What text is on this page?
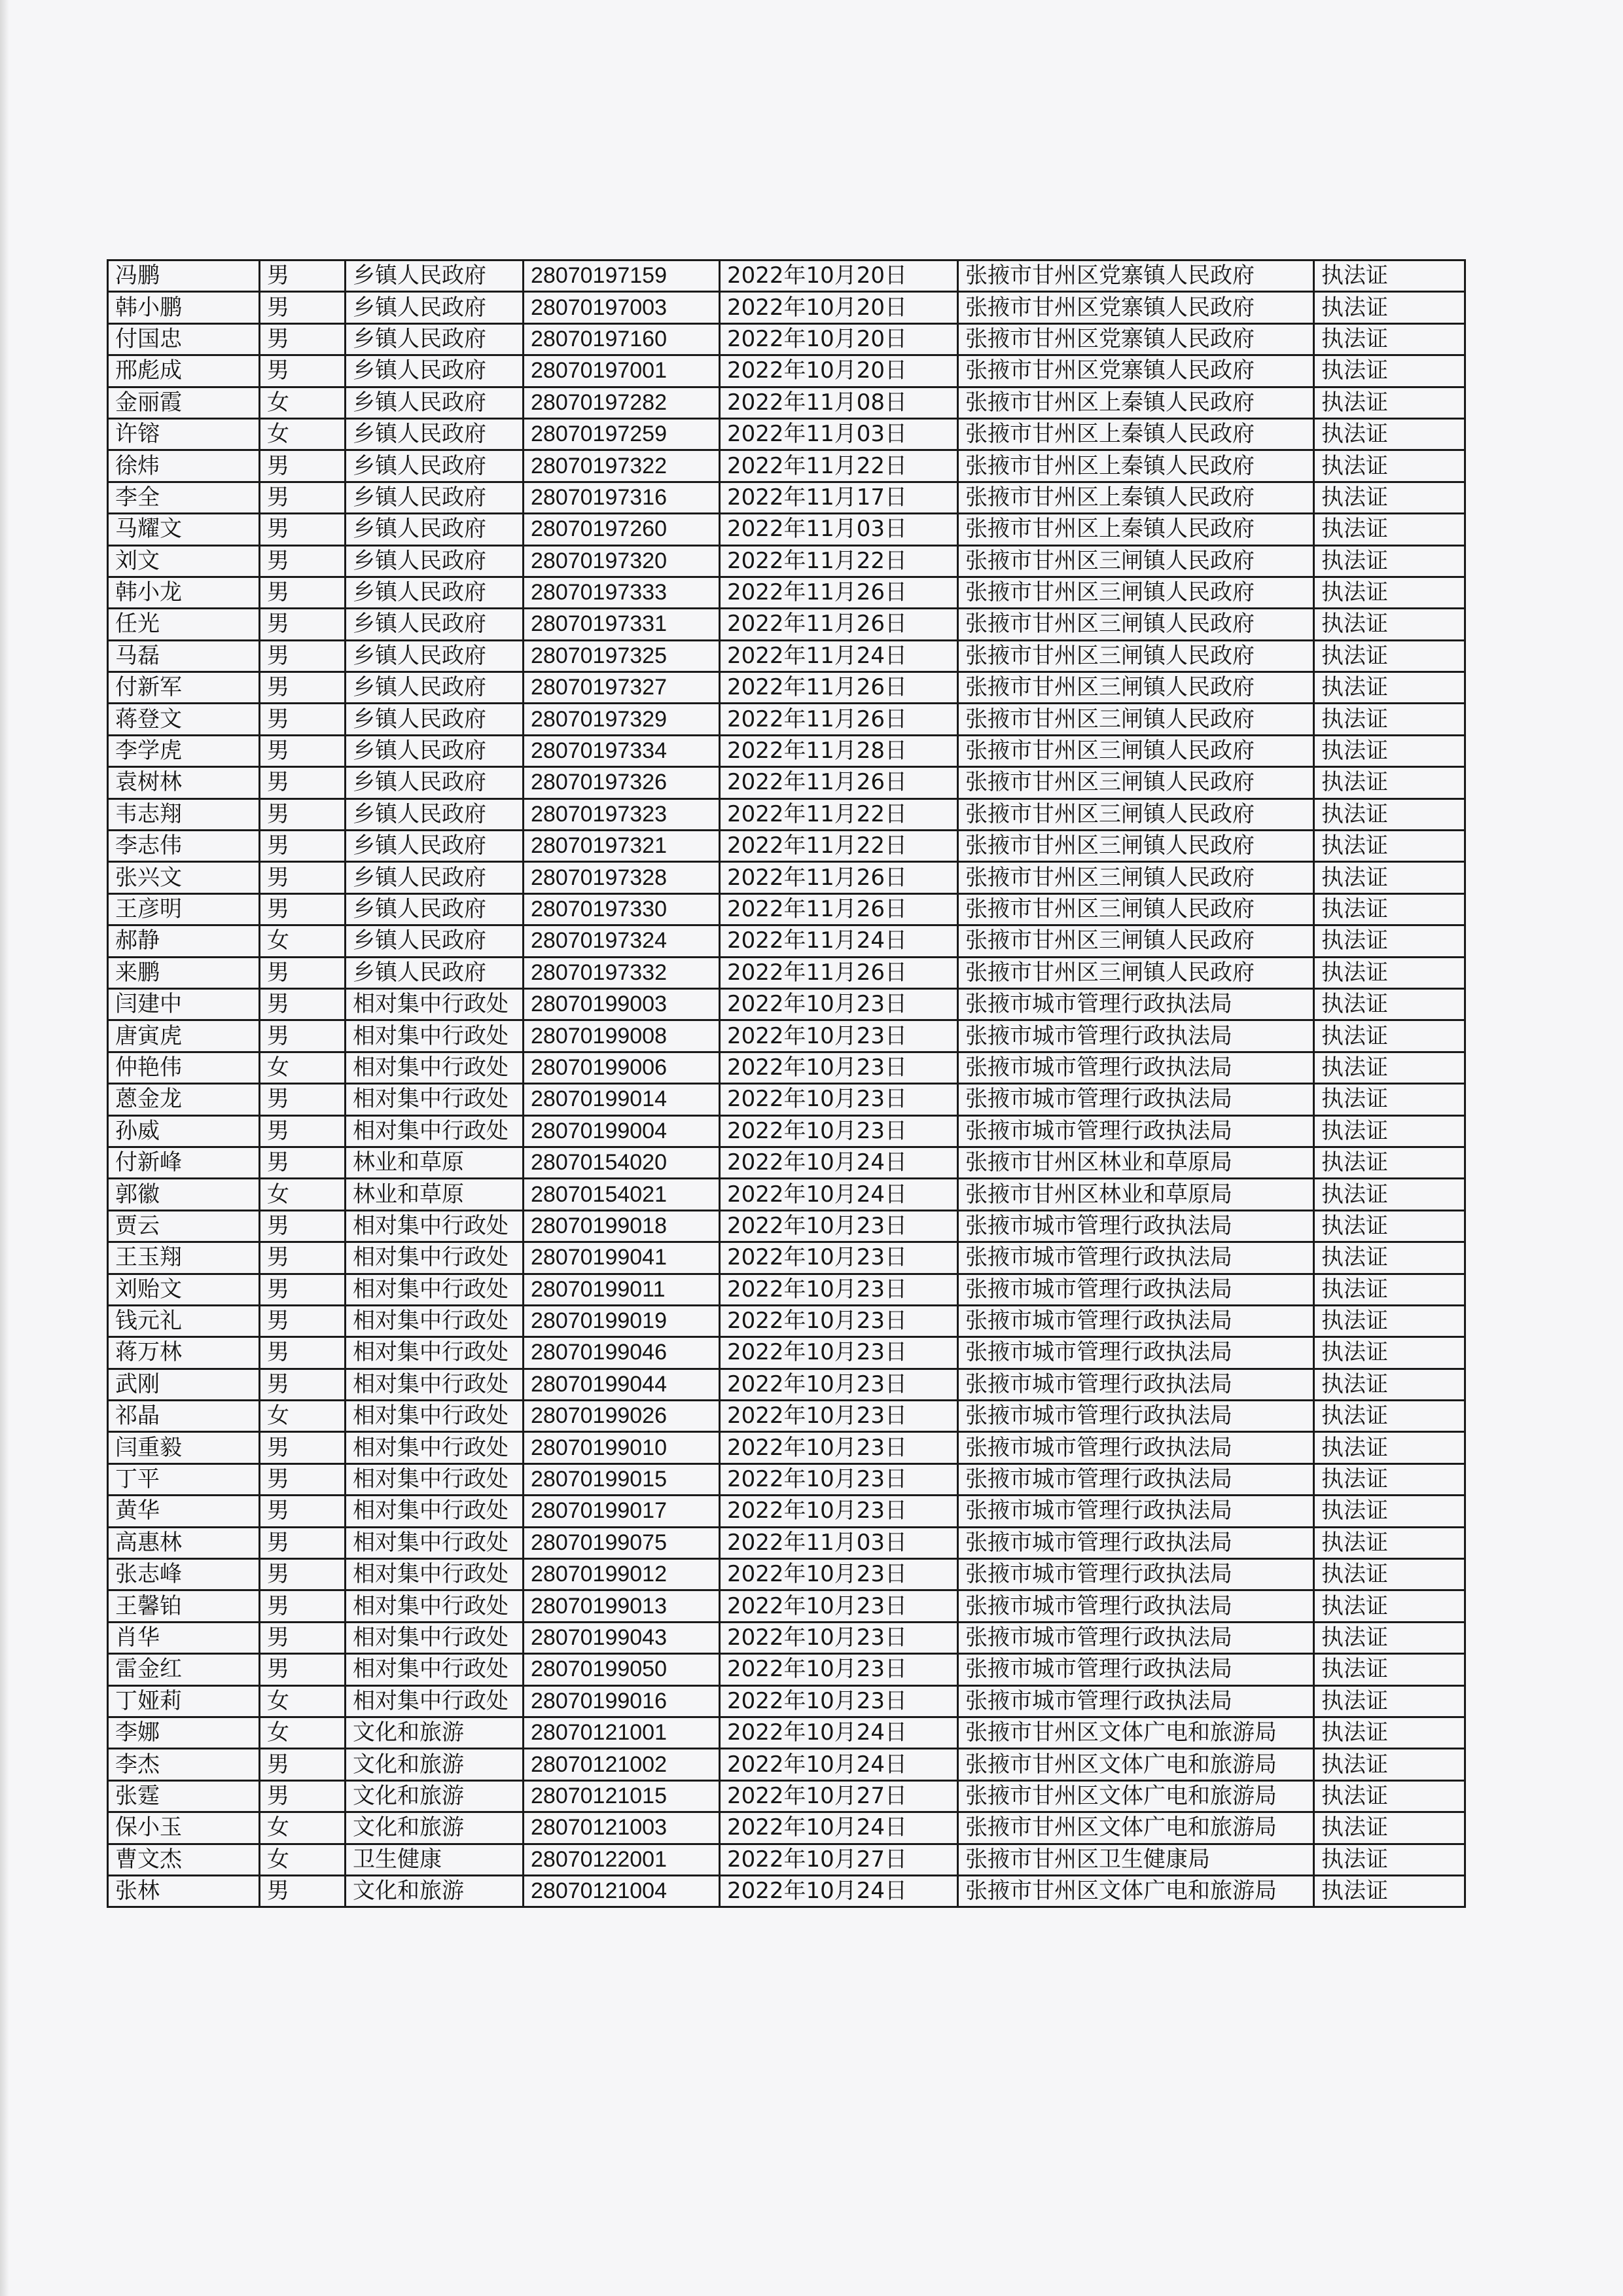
冯鹏	男	乡镇人民政府	28070197159	2022年10月20日	张掖市甘州区党寨镇人民政府	执法证
韩小鹏	男	乡镇人民政府	28070197003	2022年10月20日	张掖市甘州区党寨镇人民政府	执法证
付国忠	男	乡镇人民政府	28070197160	2022年10月20日	张掖市甘州区党寨镇人民政府	执法证
邢彪成	男	乡镇人民政府	28070197001	2022年10月20日	张掖市甘州区党寨镇人民政府	执法证
金丽霞	女	乡镇人民政府	28070197282	2022年11月08日	张掖市甘州区上秦镇人民政府	执法证
许镕	女	乡镇人民政府	28070197259	2022年11月03日	张掖市甘州区上秦镇人民政府	执法证
徐炜	男	乡镇人民政府	28070197322	2022年11月22日	张掖市甘州区上秦镇人民政府	执法证
李全	男	乡镇人民政府	28070197316	2022年11月17日	张掖市甘州区上秦镇人民政府	执法证
马耀文	男	乡镇人民政府	28070197260	2022年11月03日	张掖市甘州区上秦镇人民政府	执法证
刘文	男	乡镇人民政府	28070197320	2022年11月22日	张掖市甘州区三闸镇人民政府	执法证
韩小龙	男	乡镇人民政府	28070197333	2022年11月26日	张掖市甘州区三闸镇人民政府	执法证
任光	男	乡镇人民政府	28070197331	2022年11月26日	张掖市甘州区三闸镇人民政府	执法证
马磊	男	乡镇人民政府	28070197325	2022年11月24日	张掖市甘州区三闸镇人民政府	执法证
付新军	男	乡镇人民政府	28070197327	2022年11月26日	张掖市甘州区三闸镇人民政府	执法证
蒋登文	男	乡镇人民政府	28070197329	2022年11月26日	张掖市甘州区三闸镇人民政府	执法证
李学虎	男	乡镇人民政府	28070197334	2022年11月28日	张掖市甘州区三闸镇人民政府	执法证
袁树林	男	乡镇人民政府	28070197326	2022年11月26日	张掖市甘州区三闸镇人民政府	执法证
韦志翔	男	乡镇人民政府	28070197323	2022年11月22日	张掖市甘州区三闸镇人民政府	执法证
李志伟	男	乡镇人民政府	28070197321	2022年11月22日	张掖市甘州区三闸镇人民政府	执法证
张兴文	男	乡镇人民政府	28070197328	2022年11月26日	张掖市甘州区三闸镇人民政府	执法证
王彦明	男	乡镇人民政府	28070197330	2022年11月26日	张掖市甘州区三闸镇人民政府	执法证
郝静	女	乡镇人民政府	28070197324	2022年11月24日	张掖市甘州区三闸镇人民政府	执法证
来鹏	男	乡镇人民政府	28070197332	2022年11月26日	张掖市甘州区三闸镇人民政府	执法证
闫建中	男	相对集中行政处	28070199003	2022年10月23日	张掖市城市管理行政执法局	执法证
唐寅虎	男	相对集中行政处	28070199008	2022年10月23日	张掖市城市管理行政执法局	执法证
仲艳伟	女	相对集中行政处	28070199006	2022年10月23日	张掖市城市管理行政执法局	执法证
蒽金龙	男	相对集中行政处	28070199014	2022年10月23日	张掖市城市管理行政执法局	执法证
孙威	男	相对集中行政处	28070199004	2022年10月23日	张掖市城市管理行政执法局	执法证
付新峰	男	林业和草原	28070154020	2022年10月24日	张掖市甘州区林业和草原局	执法证
郭徽	女	林业和草原	28070154021	2022年10月24日	张掖市甘州区林业和草原局	执法证
贾云	男	相对集中行政处	28070199018	2022年10月23日	张掖市城市管理行政执法局	执法证
王玉翔	男	相对集中行政处	28070199041	2022年10月23日	张掖市城市管理行政执法局	执法证
刘贻文	男	相对集中行政处	28070199011	2022年10月23日	张掖市城市管理行政执法局	执法证
钱元礼	男	相对集中行政处	28070199019	2022年10月23日	张掖市城市管理行政执法局	执法证
蒋万林	男	相对集中行政处	28070199046	2022年10月23日	张掖市城市管理行政执法局	执法证
武刚	男	相对集中行政处	28070199044	2022年10月23日	张掖市城市管理行政执法局	执法证
祁晶	女	相对集中行政处	28070199026	2022年10月23日	张掖市城市管理行政执法局	执法证
闫重毅	男	相对集中行政处	28070199010	2022年10月23日	张掖市城市管理行政执法局	执法证
丁平	男	相对集中行政处	28070199015	2022年10月23日	张掖市城市管理行政执法局	执法证
黄华	男	相对集中行政处	28070199017	2022年10月23日	张掖市城市管理行政执法局	执法证
高惠林	男	相对集中行政处	28070199075	2022年11月03日	张掖市城市管理行政执法局	执法证
张志峰	男	相对集中行政处	28070199012	2022年10月23日	张掖市城市管理行政执法局	执法证
王馨铂	男	相对集中行政处	28070199013	2022年10月23日	张掖市城市管理行政执法局	执法证
肖华	男	相对集中行政处	28070199043	2022年10月23日	张掖市城市管理行政执法局	执法证
雷金红	男	相对集中行政处	28070199050	2022年10月23日	张掖市城市管理行政执法局	执法证
丁娅莉	女	相对集中行政处	28070199016	2022年10月23日	张掖市城市管理行政执法局	执法证
李娜	女	文化和旅游	28070121001	2022年10月24日	张掖市甘州区文体广电和旅游局	执法证
李杰	男	文化和旅游	28070121002	2022年10月24日	张掖市甘州区文体广电和旅游局	执法证
张霆	男	文化和旅游	28070121015	2022年10月27日	张掖市甘州区文体广电和旅游局	执法证
保小玉	女	文化和旅游	28070121003	2022年10月24日	张掖市甘州区文体广电和旅游局	执法证
曹文杰	女	卫生健康	28070122001	2022年10月27日	张掖市甘州区卫生健康局	执法证
张林	男	文化和旅游	28070121004	2022年10月24日	张掖市甘州区文体广电和旅游局	执法证
